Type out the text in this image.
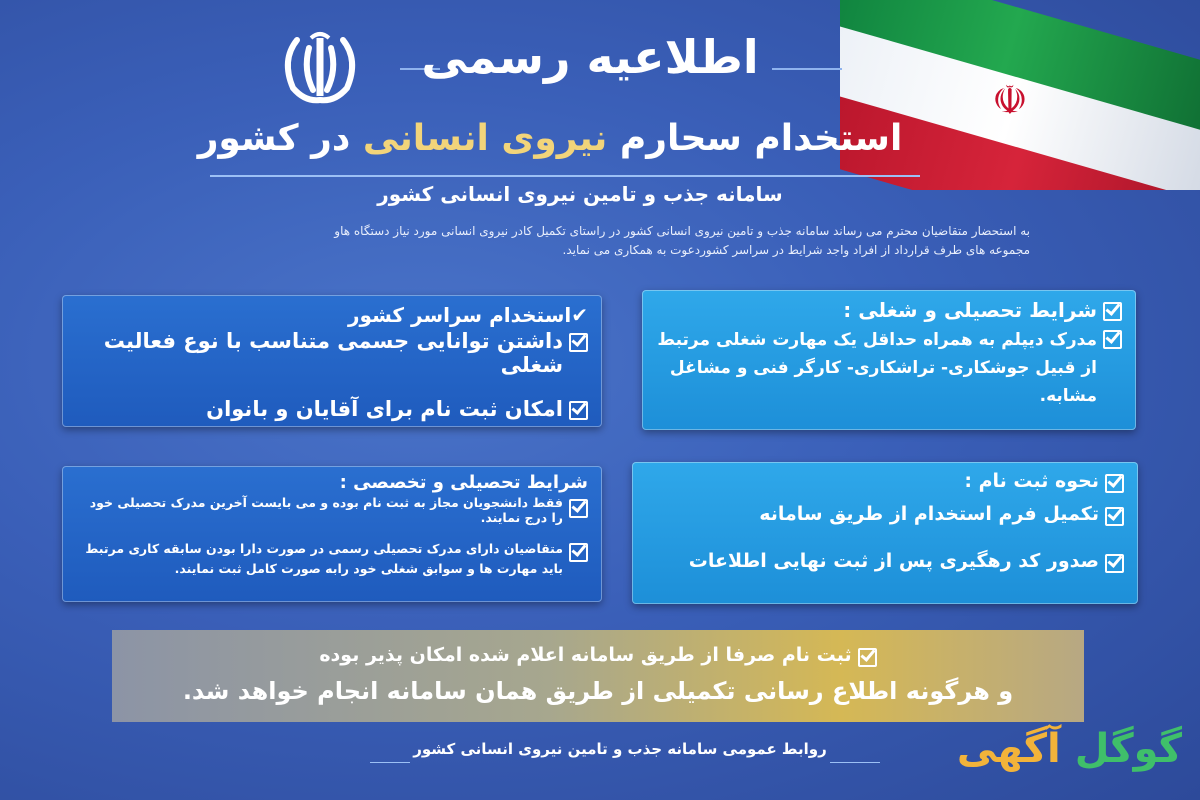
☫
اطلاعیه رسمی
استخدام سحارم نیروی انسانی در کشور
سامانه جذب و تامین نیروی انسانی کشور
به استحضار متقاضیان محترم می رساند سامانه جذب و تامین نیروی انسانی کشور در راستای تکمیل کادر نیروی انسانی مورد نیاز دستگاه هاو مجموعه های طرف قرارداد از افراد واجد شرایط در سراسر کشوردعوت به همکاری می نماید.
✔استخدام سراسر کشور
داشتن توانایی جسمی متناسب با نوع فعالیت شغلی
امکان ثبت نام برای آقایان و بانوان
شرایط تحصیلی و شغلی :
مدرک دیپلم به همراه حداقل یک مهارت شغلی مرتبط از قبیل جوشکاری- تراشکاری- کارگر فنی و مشاغل مشابه.
شرایط تحصیلی و تخصصی :
فقط دانشجویان مجاز به ثبت نام بوده و می بایست آخرین مدرک تحصیلی خود را درج نمایند.
متقاضیان دارای مدرک تحصیلی رسمی در صورت دارا بودن سابقه کاری مرتبط باید مهارت ها و سوابق شغلی خود رابه صورت کامل ثبت نمایند.
نحوه ثبت نام :
تکمیل فرم استخدام از طریق سامانه
صدور کد رهگیری پس از ثبت نهایی اطلاعات
ثبت نام صرفا از طریق سامانه اعلام شده امکان پذیر بوده
و هرگونه اطلاع رسانی تکمیلی از طریق همان سامانه انجام خواهد شد.
روابط عمومی سامانه جذب و تامین نیروی انسانی کشور	گوگل آگهی
